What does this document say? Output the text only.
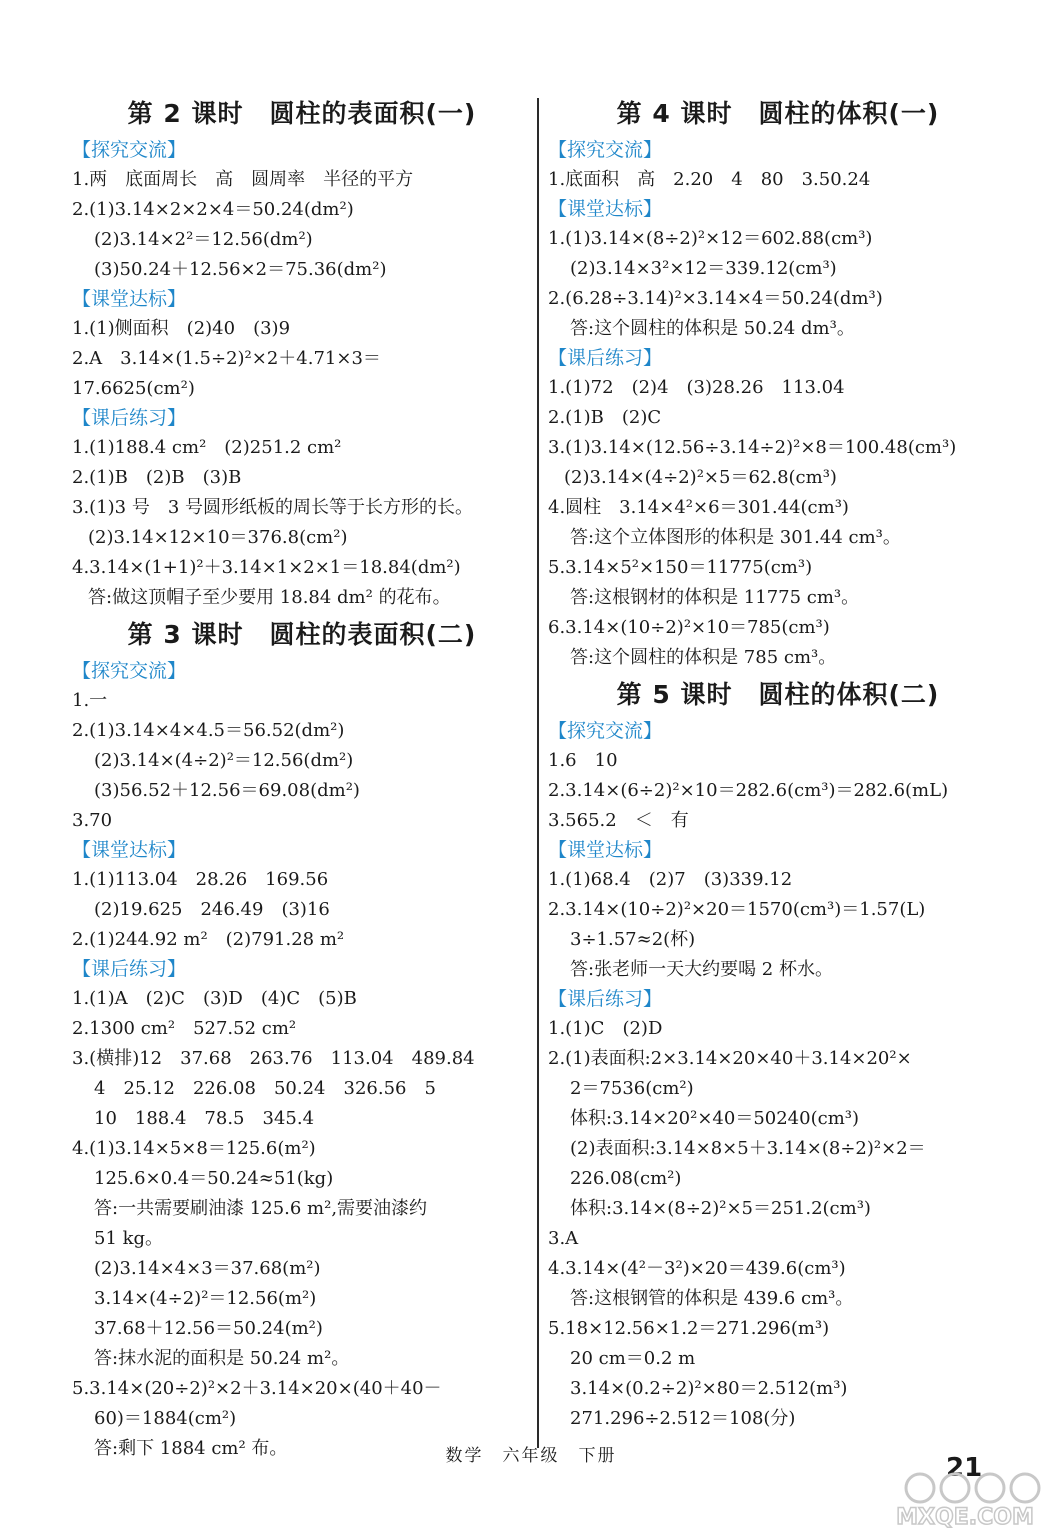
第 2 课时　圆柱的表面积(一)
【探究交流】
1.两　底面周长　高　圆周率　半径的平方
2.(1)3.14×2×2×4＝50.24(dm²)
(2)3.14×2²＝12.56(dm²)
(3)50.24＋12.56×2＝75.36(dm²)
【课堂达标】
1.(1)侧面积　(2)40　(3)9
2.A　3.14×(1.5÷2)²×2＋4.71×3＝
17.6625(cm²)
【课后练习】
1.(1)188.4 cm²　(2)251.2 cm²
2.(1)B　(2)B　(3)B
3.(1)3 号　3 号圆形纸板的周长等于长方形的长。
(2)3.14×12×10＝376.8(cm²)
4.3.14×(1+1)²＋3.14×1×2×1＝18.84(dm²)
答:做这顶帽子至少要用 18.84 dm² 的花布。
第 3 课时　圆柱的表面积(二)
【探究交流】
1.一
2.(1)3.14×4×4.5＝56.52(dm²)
(2)3.14×(4÷2)²＝12.56(dm²)
(3)56.52＋12.56＝69.08(dm²)
3.70
【课堂达标】
1.(1)113.04　28.26　169.56
(2)19.625　246.49　(3)16
2.(1)244.92 m²　(2)791.28 m²
【课后练习】
1.(1)A　(2)C　(3)D　(4)C　(5)B
2.1300 cm²　527.52 cm²
3.(横排)12　37.68　263.76　113.04　489.84
4　25.12　226.08　50.24　326.56　5
10　188.4　78.5　345.4
4.(1)3.14×5×8＝125.6(m²)
125.6×0.4＝50.24≈51(kg)
答:一共需要刷油漆 125.6 m²,需要油漆约
51 kg。
(2)3.14×4×3＝37.68(m²)
3.14×(4÷2)²＝12.56(m²)
37.68＋12.56＝50.24(m²)
答:抹水泥的面积是 50.24 m²。
5.3.14×(20÷2)²×2＋3.14×20×(40＋40－
60)＝1884(cm²)
答:剩下 1884 cm² 布。
第 4 课时　圆柱的体积(一)
【探究交流】
1.底面积　高　2.20　4　80　3.50.24
【课堂达标】
1.(1)3.14×(8÷2)²×12＝602.88(cm³)
(2)3.14×3²×12＝339.12(cm³)
2.(6.28÷3.14)²×3.14×4＝50.24(dm³)
答:这个圆柱的体积是 50.24 dm³。
【课后练习】
1.(1)72　(2)4　(3)28.26　113.04
2.(1)B　(2)C
3.(1)3.14×(12.56÷3.14÷2)²×8＝100.48(cm³)
(2)3.14×(4÷2)²×5＝62.8(cm³)
4.圆柱　3.14×4²×6＝301.44(cm³)
答:这个立体图形的体积是 301.44 cm³。
5.3.14×5²×150＝11775(cm³)
答:这根钢材的体积是 11775 cm³。
6.3.14×(10÷2)²×10＝785(cm³)
答:这个圆柱的体积是 785 cm³。
第 5 课时　圆柱的体积(二)
【探究交流】
1.6　10
2.3.14×(6÷2)²×10＝282.6(cm³)＝282.6(mL)
3.565.2　＜　有
【课堂达标】
1.(1)68.4　(2)7　(3)339.12
2.3.14×(10÷2)²×20＝1570(cm³)＝1.57(L)
3÷1.57≈2(杯)
答:张老师一天大约要喝 2 杯水。
【课后练习】
1.(1)C　(2)D
2.(1)表面积:2×3.14×20×40＋3.14×20²×
2＝7536(cm²)
体积:3.14×20²×40＝50240(cm³)
(2)表面积:3.14×8×5＋3.14×(8÷2)²×2＝
226.08(cm²)
体积:3.14×(8÷2)²×5＝251.2(cm³)
3.A
4.3.14×(4²－3²)×20＝439.6(cm³)
答:这根钢管的体积是 439.6 cm³。
5.18×12.56×1.2＝271.296(m³)
20 cm＝0.2 m
3.14×(0.2÷2)²×80＝2.512(m³)
271.296÷2.512＝108(分)
数学　六年级　下册	21
MXQE.COM
